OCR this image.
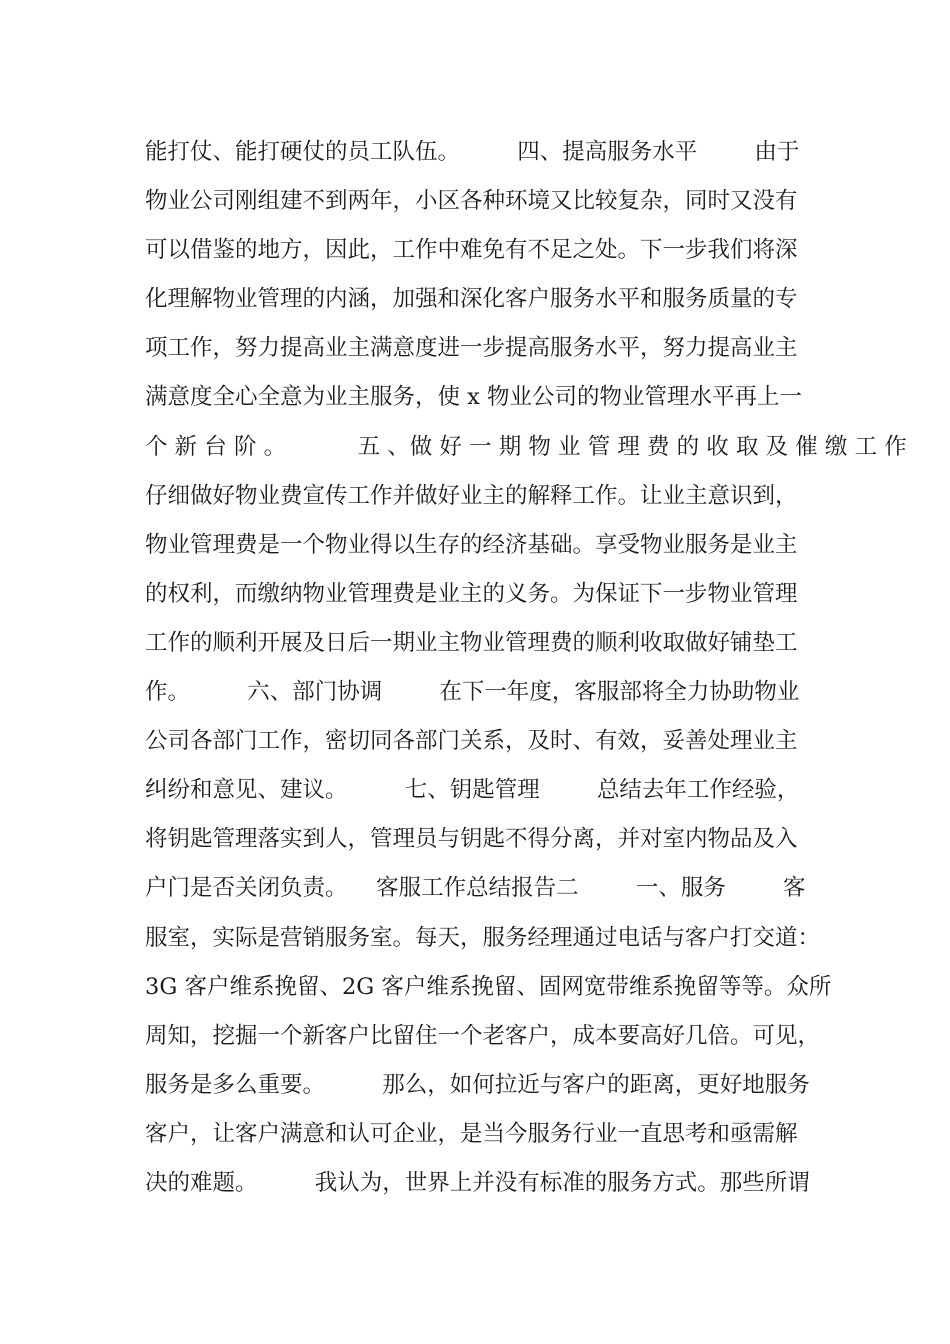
能打仗、能打硬仗的员工队伍。        四、提高服务水平        由于
物业公司刚组建不到两年，小区各种环境又比较复杂，同时又没有
可以借鉴的地方，因此，工作中难免有不足之处。下一步我们将深
化理解物业管理的内涵，加强和深化客户服务水平和服务质量的专
项工作，努力提高业主满意度进一步提高服务水平，努力提高业主
满意度全心全意为业主服务，使 x 物业公司的物业管理水平再上一
个 新 台 阶 。          五 、做 好 一 期 物 业 管 理 费 的 收 取 及 催 缴 工 作
仔细做好物业费宣传工作并做好业主的解释工作。让业主意识到，
物业管理费是一个物业得以生存的经济基础。享受物业服务是业主
的权利，而缴纳物业管理费是业主的义务。为保证下一步物业管理
工作的顺利开展及日后一期业主物业管理费的顺利收取做好铺垫工
作。        六、部门协调        在下一年度，客服部将全力协助物业
公司各部门工作，密切同各部门关系，及时、有效，妥善处理业主
纠纷和意见、建议。        七、钥匙管理        总结去年工作经验，
将钥匙管理落实到人，管理员与钥匙不得分离，并对室内物品及入
户门是否关闭负责。    客服工作总结报告二        一、服务        客
服室，实际是营销服务室。每天，服务经理通过电话与客户打交道：
3G 客户维系挽留、2G 客户维系挽留、固网宽带维系挽留等等。众所
周知，挖掘一个新客户比留住一个老客户，成本要高好几倍。可见，
服务是多么重要。        那么，如何拉近与客户的距离，更好地服务
客户，让客户满意和认可企业，是当今服务行业一直思考和亟需解
决的难题。        我认为，世界上并没有标准的服务方式。那些所谓
